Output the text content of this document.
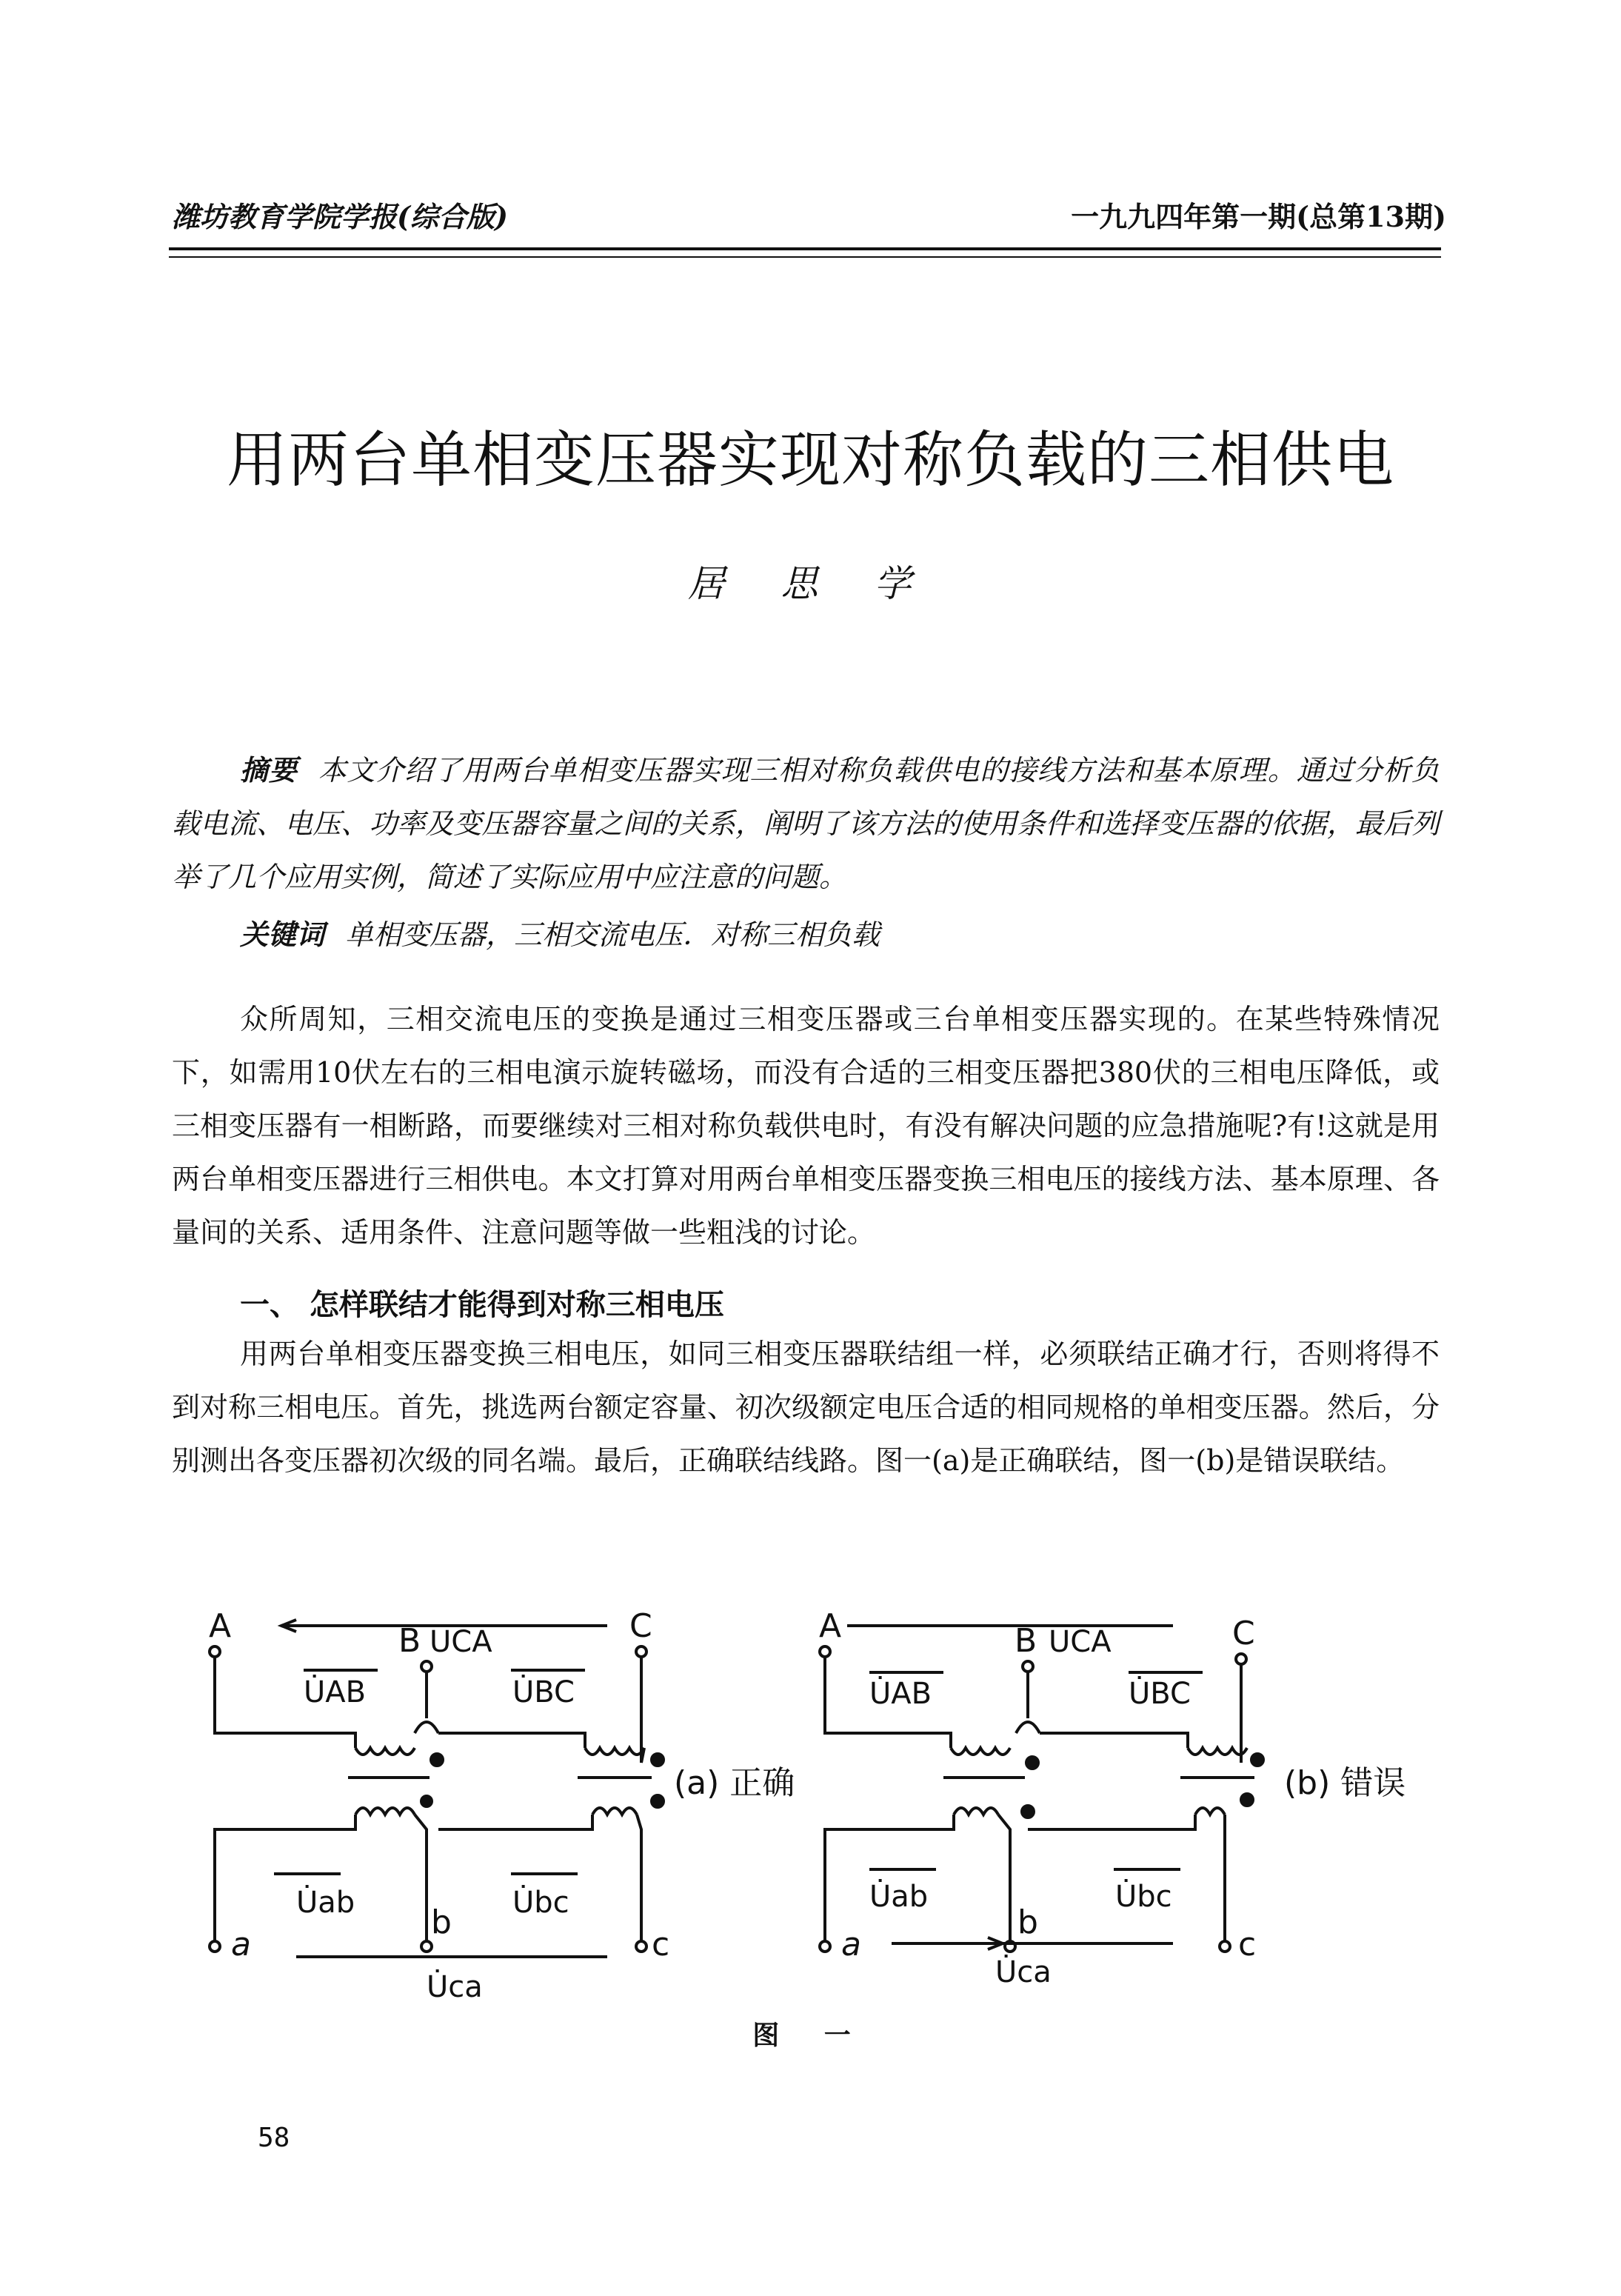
潍坊教育学院学报(综合版)	一九九四年第一期(总第13期)
用两台单相变压器实现对称负载的三相供电
居 思 学
摘要 本文介绍了用两台单相变压器实现三相对称负载供电的接线方法和基本原理。通过分析负载电流、电压、功率及变压器容量之间的关系，阐明了该方法的使用条件和选择变压器的依据，最后列举了几个应用实例，简述了实际应用中应注意的问题。
关键词 单相变压器，三相交流电压．对称三相负载
众所周知，三相交流电压的变换是通过三相变压器或三台单相变压器实现的。在某些特殊情况下，如需用10伏左右的三相电演示旋转磁场，而没有合适的三相变压器把380伏的三相电压降低，或三相变压器有一相断路，而要继续对三相对称负载供电时，有没有解决问题的应急措施呢?有!这就是用两台单相变压器进行三相供电。本文打算对用两台单相变压器变换三相电压的接线方法、基本原理、各量间的关系、适用条件、注意问题等做一些粗浅的讨论。
一、 怎样联结才能得到对称三相电压
用两台单相变压器变换三相电压，如同三相变压器联结组一样，必须联结正确才行，否则将得不到对称三相电压。首先，挑选两台额定容量、初次级额定电压合适的相同规格的单相变压器。然后，分别测出各变压器初次级的同名端。最后，正确联结线路。图一(a)是正确联结，图一(b)是错误联结。
A	B	C
U̇CA
U̇AB	U̇BC
a
b
c
U̇ab	U̇bc
U̇ca
(a) 正确
A	B	C
U̇CA
U̇AB	U̇BC
a
b
c
U̇ab	U̇bc
U̇ca
(b) 错误
图 一
58
